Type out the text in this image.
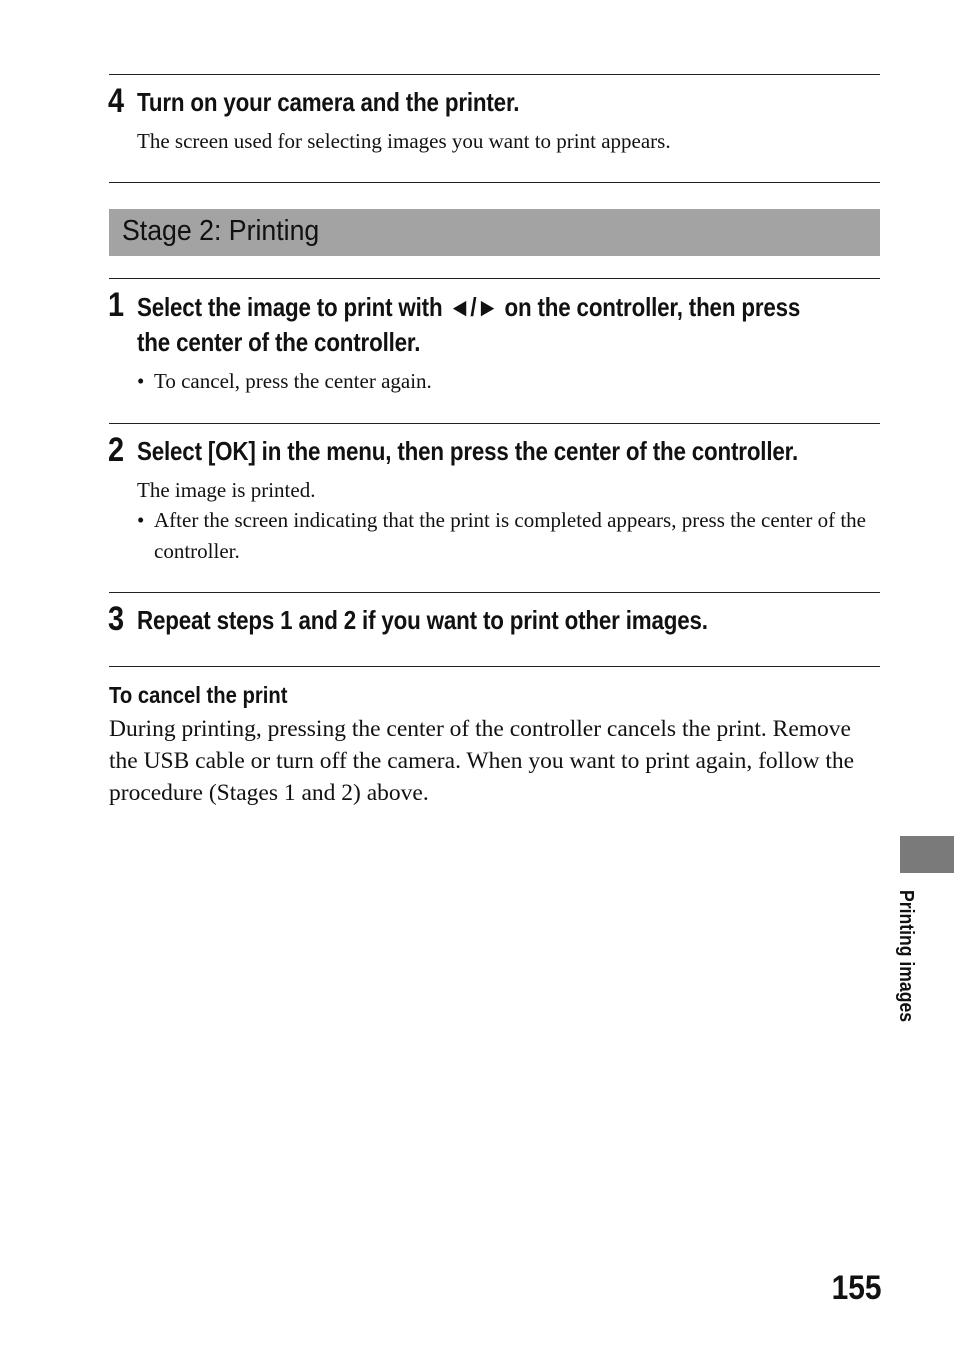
4 Turn on your camera and the printer.
The screen used for selecting images you want to print appears.
Stage 2: Printing
1 Select the image to print with ◄/► on the controller, then press the center of the controller.
• To cancel, press the center again.
2 Select [OK] in the menu, then press the center of the controller.
The image is printed.
• After the screen indicating that the print is completed appears, press the center of the controller.
3 Repeat steps 1 and 2 if you want to print other images.
To cancel the print
During printing, pressing the center of the controller cancels the print. Remove the USB cable or turn off the camera. When you want to print again, follow the procedure (Stages 1 and 2) above.
Printing images
155
